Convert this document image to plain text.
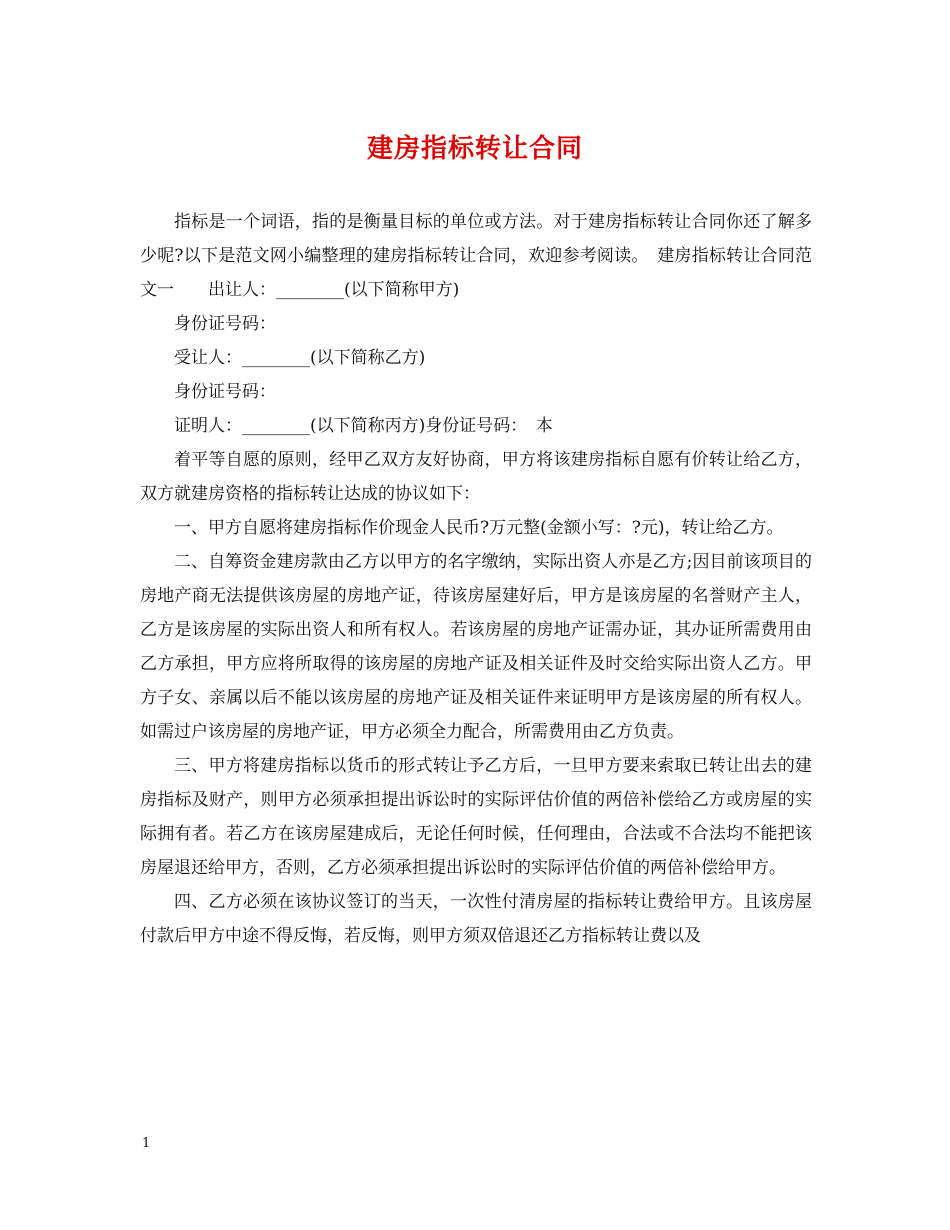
建房指标转让合同

指标是一个词语，指的是衡量目标的单位或方法。对于建房指标转让合同你还了解多少呢?以下是范文网小编整理的建房指标转让合同，欢迎参考阅读。　建房指标转让合同范文一　　出让人：________(以下简称甲方)

身份证号码：

受让人：________(以下简称乙方)

身份证号码：

证明人：________(以下简称丙方)身份证号码：　本

着平等自愿的原则，经甲乙双方友好协商，甲方将该建房指标自愿有价转让给乙方，双方就建房资格的指标转让达成的协议如下：

一、甲方自愿将建房指标作价现金人民币?万元整(金额小写：?元)，转让给乙方。

二、自筹资金建房款由乙方以甲方的名字缴纳，实际出资人亦是乙方;因目前该项目的房地产商无法提供该房屋的房地产证，待该房屋建好后，甲方是该房屋的名誉财产主人，乙方是该房屋的实际出资人和所有权人。若该房屋的房地产证需办证，其办证所需费用由乙方承担，甲方应将所取得的该房屋的房地产证及相关证件及时交给实际出资人乙方。甲方子女、亲属以后不能以该房屋的房地产证及相关证件来证明甲方是该房屋的所有权人。如需过户该房屋的房地产证，甲方必须全力配合，所需费用由乙方负责。

三、甲方将建房指标以货币的形式转让予乙方后，一旦甲方要来索取已转让出去的建房指标及财产，则甲方必须承担提出诉讼时的实际评估价值的两倍补偿给乙方或房屋的实际拥有者。若乙方在该房屋建成后，无论任何时候，任何理由，合法或不合法均不能把该房屋退还给甲方，否则，乙方必须承担提出诉讼时的实际评估价值的两倍补偿给甲方。

四、乙方必须在该协议签订的当天，一次性付清房屋的指标转让费给甲方。且该房屋付款后甲方中途不得反悔，若反悔，则甲方须双倍退还乙方指标转让费以及

1
